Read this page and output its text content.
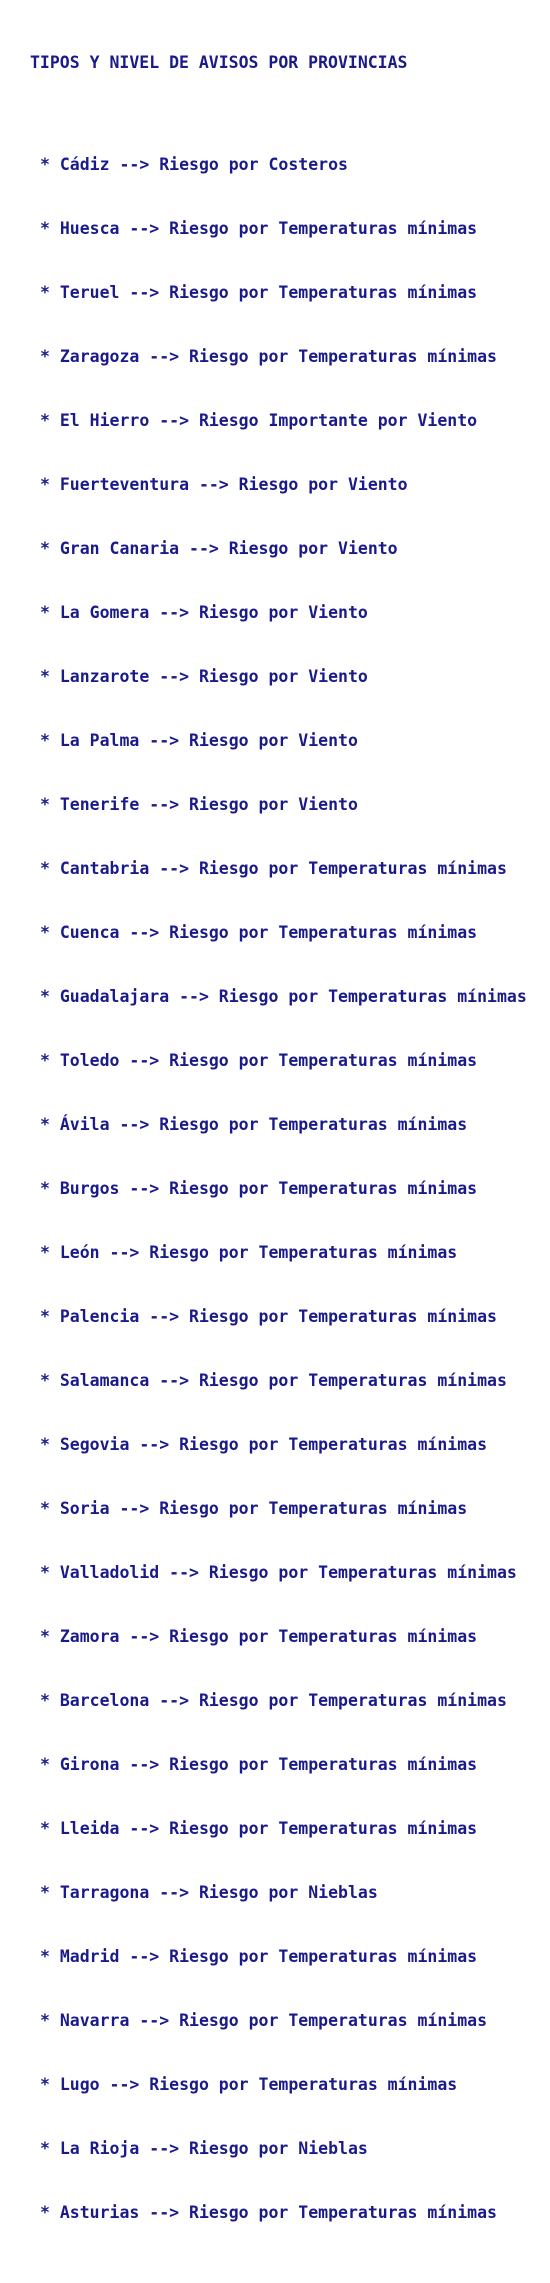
TIPOS Y NIVEL DE AVISOS POR PROVINCIAS

* Cádiz --> Riesgo por Costeros

* Huesca --> Riesgo por Temperaturas mínimas

* Teruel --> Riesgo por Temperaturas mínimas

* Zaragoza --> Riesgo por Temperaturas mínimas

* El Hierro --> Riesgo Importante por Viento

* Fuerteventura --> Riesgo por Viento

* Gran Canaria --> Riesgo por Viento

* La Gomera --> Riesgo por Viento

* Lanzarote --> Riesgo por Viento

* La Palma --> Riesgo por Viento

* Tenerife --> Riesgo por Viento

* Cantabria --> Riesgo por Temperaturas mínimas

* Cuenca --> Riesgo por Temperaturas mínimas

* Guadalajara --> Riesgo por Temperaturas mínimas

* Toledo --> Riesgo por Temperaturas mínimas

* Ávila --> Riesgo por Temperaturas mínimas

* Burgos --> Riesgo por Temperaturas mínimas

* León --> Riesgo por Temperaturas mínimas

* Palencia --> Riesgo por Temperaturas mínimas

* Salamanca --> Riesgo por Temperaturas mínimas

* Segovia --> Riesgo por Temperaturas mínimas

* Soria --> Riesgo por Temperaturas mínimas

* Valladolid --> Riesgo por Temperaturas mínimas

* Zamora --> Riesgo por Temperaturas mínimas

* Barcelona --> Riesgo por Temperaturas mínimas

* Girona --> Riesgo por Temperaturas mínimas

* Lleida --> Riesgo por Temperaturas mínimas

* Tarragona --> Riesgo por Nieblas

* Madrid --> Riesgo por Temperaturas mínimas

* Navarra --> Riesgo por Temperaturas mínimas

* Lugo --> Riesgo por Temperaturas mínimas

* La Rioja --> Riesgo por Nieblas

* Asturias --> Riesgo por Temperaturas mínimas
